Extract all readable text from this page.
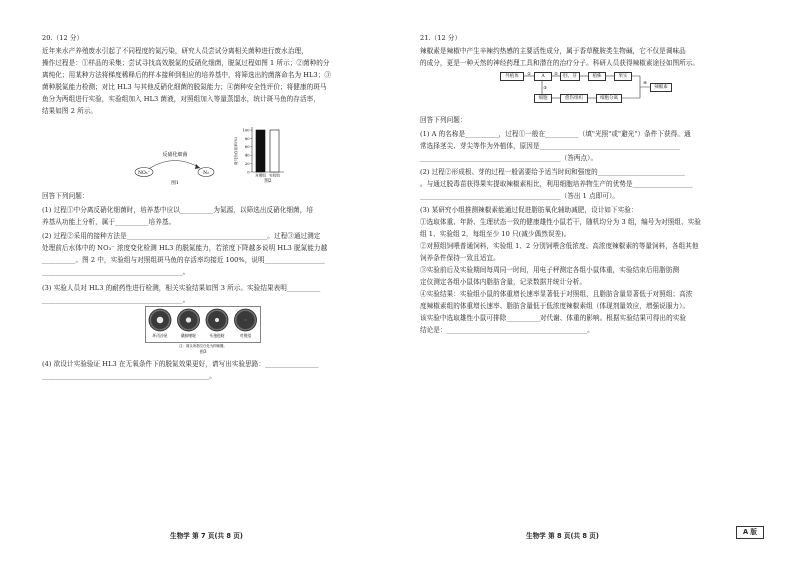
20.（12 分）
近年来水产养殖废水引起了不同程度的氮污染，研究人员尝试分离相关菌种进行废水治理，
操作过程是：①样品的采集；尝试寻找高效脱氮的反硝化细菌，脱氮过程如图 1 所示；②菌种的分
离纯化；用某种方法将梯度稀释后的样本接种到相应的培养基中，将筛选出的菌落命名为 HL3；③
菌种脱氮能力检测；对比 HL3 与其他反硝化细菌的脱氮能力；④菌种安全性评价；将健康的斑马
鱼分为两组进行实验，实验组加入 HL3 菌液，对照组加入等量蒸馏水，统计斑马鱼的存活率，
结果如图 2 所示。
反硝化细菌
NO₃⁻	N₂
图1
100
80
60
40
20
0
斑马鱼存活率(%)
对照组 实验组
图2
回答下列问题：
(1) 过程①中分离反硝化细菌时，培养基中应以__________为氮源，以筛选出反硝化细菌，培
养基从功能上分析，属于__________培养基。
(2) 过程②采用的接种方法是__________________________________________。过程③通过测定
处理前后水体中的 NO₃⁻ 浓度变化检测 HL3 的脱氮能力，若浓度下降越多说明 HL3 脱氮能力越
__________。图 2 中，实验组与对照组斑马鱼的存活率均接近 100%，说明__________________
__________________________________________。
(3) 实验人员对 HL3 的耐药性进行检测，相关实验结果如图 3 所示。实验结果表明__________
__________________________________________。
环丙沙星	磺胺嘧啶	头孢他啶	对照组
注：箭头所指空白处为抑菌圈。
图3
(4) 欲设计实验验证 HL3 在无氧条件下的脱氮效果更好，请写出实验思路：________________
__________________________________________________。
生物学 第 7 页(共 8 页)
21.（12 分）
辣椒素是辣椒中产生辛辣约热感的主要活性成分，属于香草酰胺类生物碱，它不仅是调味品
的成分，更是一种天然的神经药理工具和潜在的治疗分子。科研人员获得辣椒素途径如图所示。
外植体	A	胚、芽	植株	果实
细胞	愈伤组织	细胞分离
辣椒素
①	②
③
④
回答下列问题：
(1) A 的名称是__________，过程①一般在__________（填"光照"或"避光"）条件下获得。通
常选择茎尖、芽尖等作为外植体，原因是__________________________________________
__________________________________________（答两点）。
(2) 过程②形成根、芽的过程一般需要给予适当时间和强度的__________________________
。与通过脱毒苗获得果实提取辣椒素相比，利用细胞培养物生产的优势是__________________
__________________________________________（答出 1 点即可）。
(3) 某研究小组推测辣椒素能通过促进脂肪氧化辅助减肥，设计如下实验：
①选取体重、年龄、生理状态一致的健康雄性小鼠若干，随机均分为 3 组，编号为对照组、实验
组 1、实验组 2，每组至少 10 只(减少偶然误差)。
②对照组饲喂普通饲料，实验组 1、2 分别饲喂含低浓度、高浓度辣椒素的等量饲料，各组其他
饲养条件保持一致且适宜。
③实验前后及实验期间每周同一时间，用电子秤测定各组小鼠体重，实验结束后用脂肪测
定仪测定各组小鼠体内脂肪含量，记录数据并统计分析。
④实验结果：实验组小鼠的体重增长速率显著低于对照组，且脂肪含量显著低于对照组；高浓
度辣椒素组的体重增长速率、脂肪含量低于低浓度辣椒素组（体现剂量效应，增强说服力）。
该实验中选取雄性小鼠可排除__________对代谢、体重的影响。根据实验结果可得出的实验
结论是：__________________________________________。
生物学 第 8 页(共 8 页)	A 版
